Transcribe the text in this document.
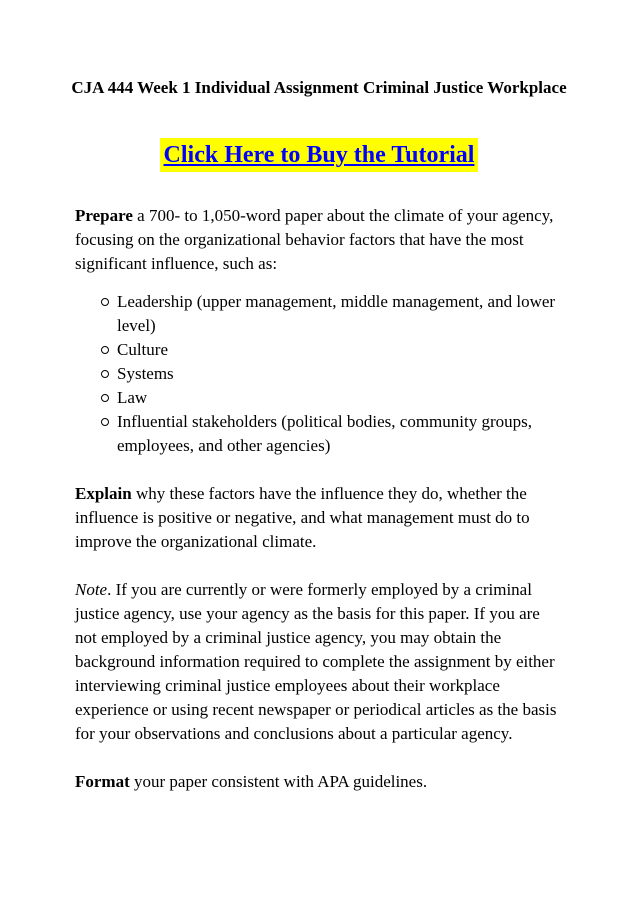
CJA 444 Week 1 Individual Assignment Criminal Justice Workplace
Click Here to Buy the Tutorial

Prepare a 700- to 1,050-word paper about the climate of your agency, focusing on the organizational behavior factors that have the most significant influence, such as:

Leadership (upper management, middle management, and lower level)
Culture
Systems
Law
Influential stakeholders (political bodies, community groups, employees, and other agencies)

Explain why these factors have the influence they do, whether the influence is positive or negative, and what management must do to improve the organizational climate.

Note. If you are currently or were formerly employed by a criminal justice agency, use your agency as the basis for this paper. If you are not employed by a criminal justice agency, you may obtain the background information required to complete the assignment by either interviewing criminal justice employees about their workplace experience or using recent newspaper or periodical articles as the basis for your observations and conclusions about a particular agency.

Format your paper consistent with APA guidelines.
